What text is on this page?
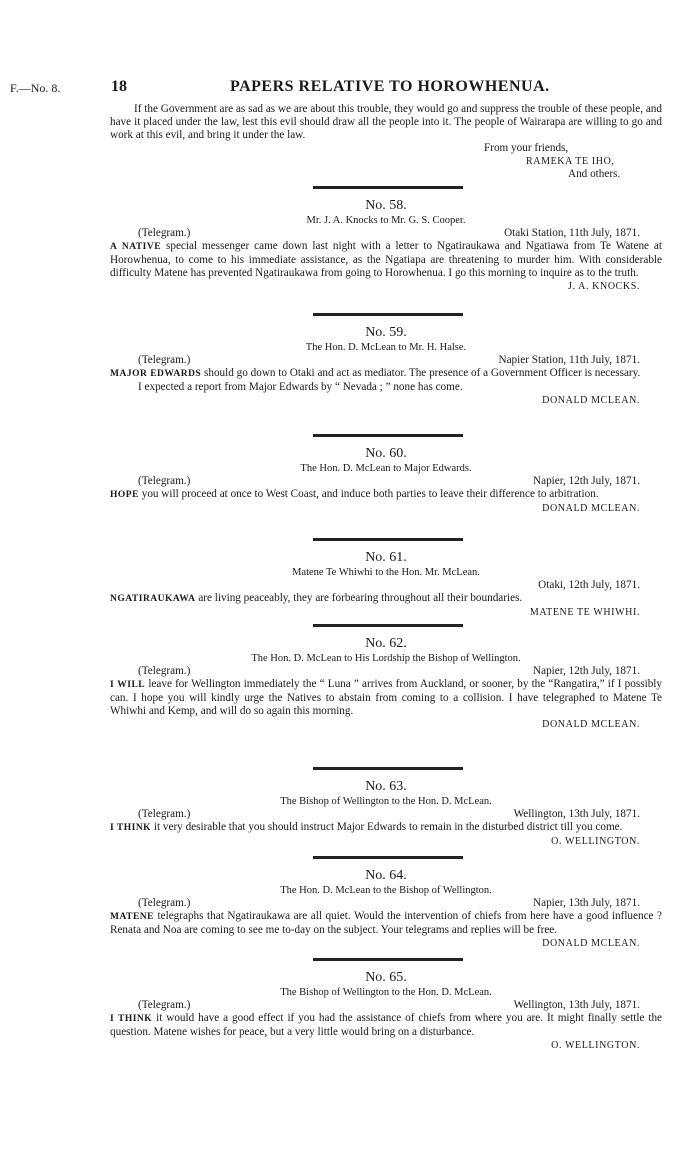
F.—No. 8.	18	PAPERS RELATIVE TO HOROWHENUA.

If the Government are as sad as we are about this trouble, they would go and suppress the trouble of these people, and have it placed under the law, lest this evil should draw all the people into it. The people of Wairarapa are willing to go and work at this evil, and bring it under the law.

From your friends,
RAMEKA TE IHO,
And others.
No. 58.
Mr. J. A. Knocks to Mr. G. S. Cooper.
(Telegram.)	Otaki Station, 11th July, 1871.
A NATIVE special messenger came down last night with a letter to Ngatiraukawa and Ngatiawa from Te Watene at Horowhenua, to come to his immediate assistance, as the Ngatiapa are threatening to murder him. With considerable difficulty Matene has prevented Ngatiraukawa from going to Horowhenua. I go this morning to inquire as to the truth.
J. A. KNOCKS.
No. 59.
The Hon. D. McLean to Mr. H. Halse.
(Telegram.)	Napier Station, 11th July, 1871.
MAJOR EDWARDS should go down to Otaki and act as mediator. The presence of a Government Officer is necessary.
I expected a report from Major Edwards by “ Nevada ; ” none has come.
DONALD MCLEAN.
No. 60.
The Hon. D. McLean to Major Edwards.
(Telegram.)	Napier, 12th July, 1871.
HOPE you will proceed at once to West Coast, and induce both parties to leave their difference to arbitration.
DONALD MCLEAN.
No. 61.
Matene Te Whiwhi to the Hon. Mr. McLean.
Otaki, 12th July, 1871.
NGATIRAUKAWA are living peaceably, they are forbearing throughout all their boundaries.
MATENE TE WHIWHI.
No. 62.
The Hon. D. McLean to His Lordship the Bishop of Wellington.
(Telegram.)	Napier, 12th July, 1871.
I WILL leave for Wellington immediately the “ Luna ” arrives from Auckland, or sooner, by the “Rangatira,” if I possibly can. I hope you will kindly urge the Natives to abstain from coming to a collision. I have telegraphed to Matene Te Whiwhi and Kemp, and will do so again this morning.
DONALD MCLEAN.
No. 63.
The Bishop of Wellington to the Hon. D. McLean.
(Telegram.)	Wellington, 13th July, 1871.
I THINK it very desirable that you should instruct Major Edwards to remain in the disturbed district till you come.
O. WELLINGTON.
No. 64.
The Hon. D. McLean to the Bishop of Wellington.
(Telegram.)	Napier, 13th July, 1871.
MATENE telegraphs that Ngatiraukawa are all quiet. Would the intervention of chiefs from here have a good influence ? Renata and Noa are coming to see me to-day on the subject. Your telegrams and replies will be free.
DONALD MCLEAN.
No. 65.
The Bishop of Wellington to the Hon. D. McLean.
(Telegram.)	Wellington, 13th July, 1871.
I THINK it would have a good effect if you had the assistance of chiefs from where you are. It might finally settle the question. Matene wishes for peace, but a very little would bring on a disturbance.
O. WELLINGTON.
